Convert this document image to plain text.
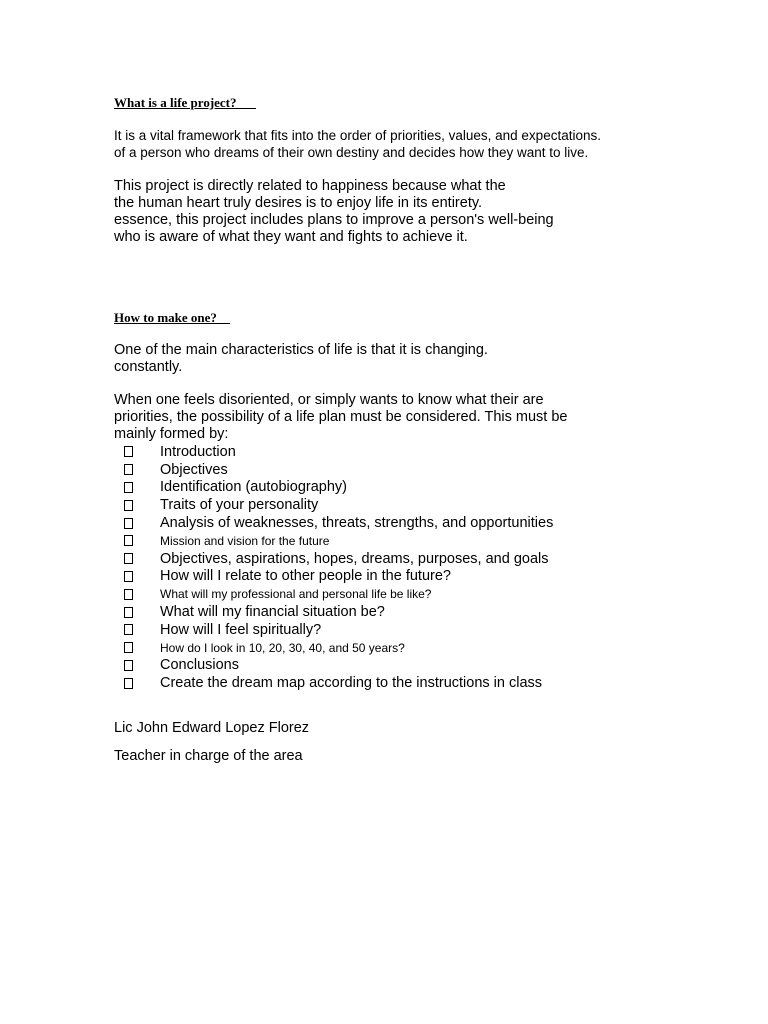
What is a life project?

It is a vital framework that fits into the order of priorities, values, and expectations.
of a person who dreams of their own destiny and decides how they want to live.

This project is directly related to happiness because what the
the human heart truly desires is to enjoy life in its entirety.
essence, this project includes plans to improve a person's well-being
who is aware of what they want and fights to achieve it.

How to make one?

One of the main characteristics of life is that it is changing.
constantly.

When one feels disoriented, or simply wants to know what their are
priorities, the possibility of a life plan must be considered. This must be
mainly formed by:

Introduction
Objectives
Identification (autobiography)
Traits of your personality
Analysis of weaknesses, threats, strengths, and opportunities
Mission and vision for the future
Objectives, aspirations, hopes, dreams, purposes, and goals
How will I relate to other people in the future?
What will my professional and personal life be like?
What will my financial situation be?
How will I feel spiritually?
How do I look in 10, 20, 30, 40, and 50 years?
Conclusions
Create the dream map according to the instructions in class
Lic John Edward Lopez Florez
Teacher in charge of the area
